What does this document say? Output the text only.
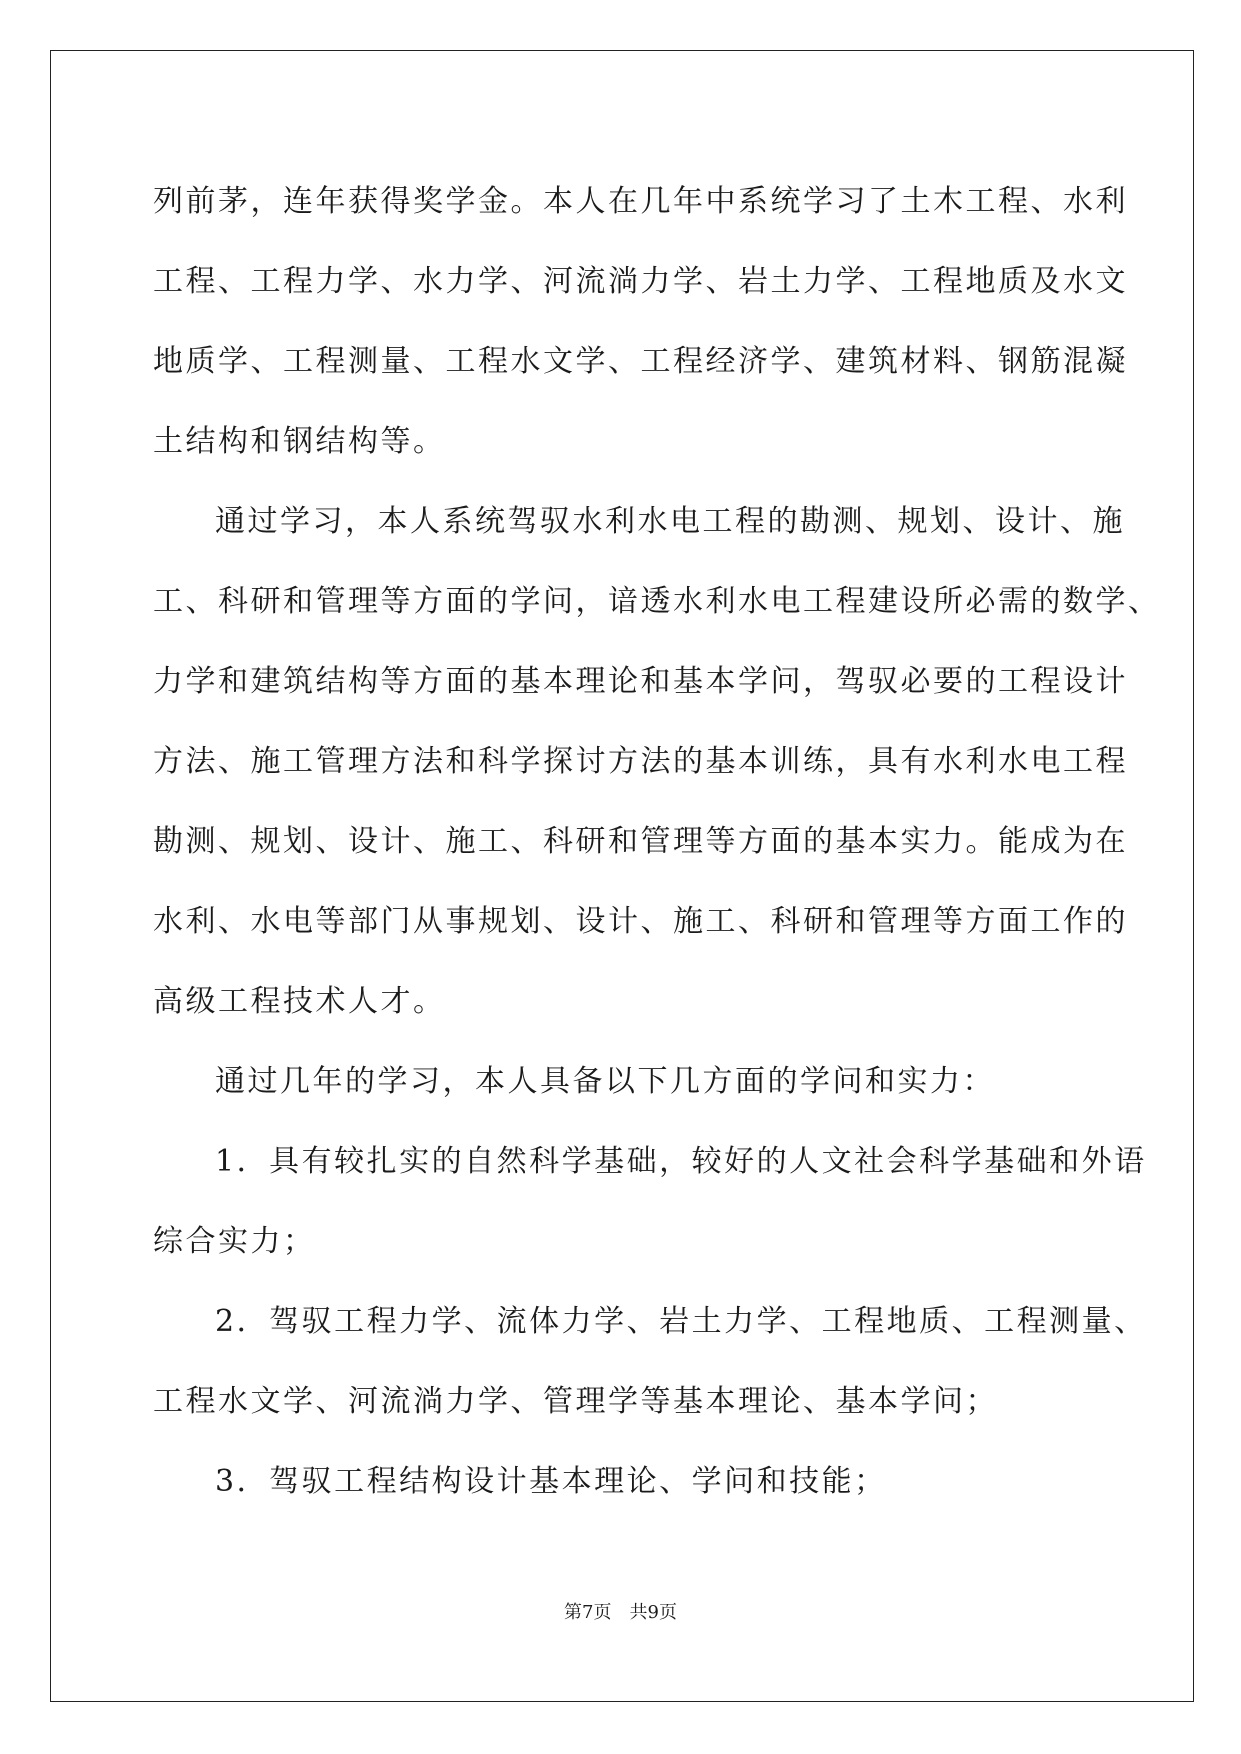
列前茅，连年获得奖学金。本人在几年中系统学习了土木工程、水利
工程、工程力学、水力学、河流淌力学、岩土力学、工程地质及水文
地质学、工程测量、工程水文学、工程经济学、建筑材料、钢筋混凝
土结构和钢结构等。
通过学习，本人系统驾驭水利水电工程的勘测、规划、设计、施
工、科研和管理等方面的学问，谙透水利水电工程建设所必需的数学、
力学和建筑结构等方面的基本理论和基本学问，驾驭必要的工程设计
方法、施工管理方法和科学探讨方法的基本训练，具有水利水电工程
勘测、规划、设计、施工、科研和管理等方面的基本实力。能成为在
水利、水电等部门从事规划、设计、施工、科研和管理等方面工作的
高级工程技术人才。
通过几年的学习，本人具备以下几方面的学问和实力：
1．具有较扎实的自然科学基础，较好的人文社会科学基础和外语
综合实力；
2．驾驭工程力学、流体力学、岩土力学、工程地质、工程测量、
工程水文学、河流淌力学、管理学等基本理论、基本学问；
3．驾驭工程结构设计基本理论、学问和技能；
第7页　共9页
